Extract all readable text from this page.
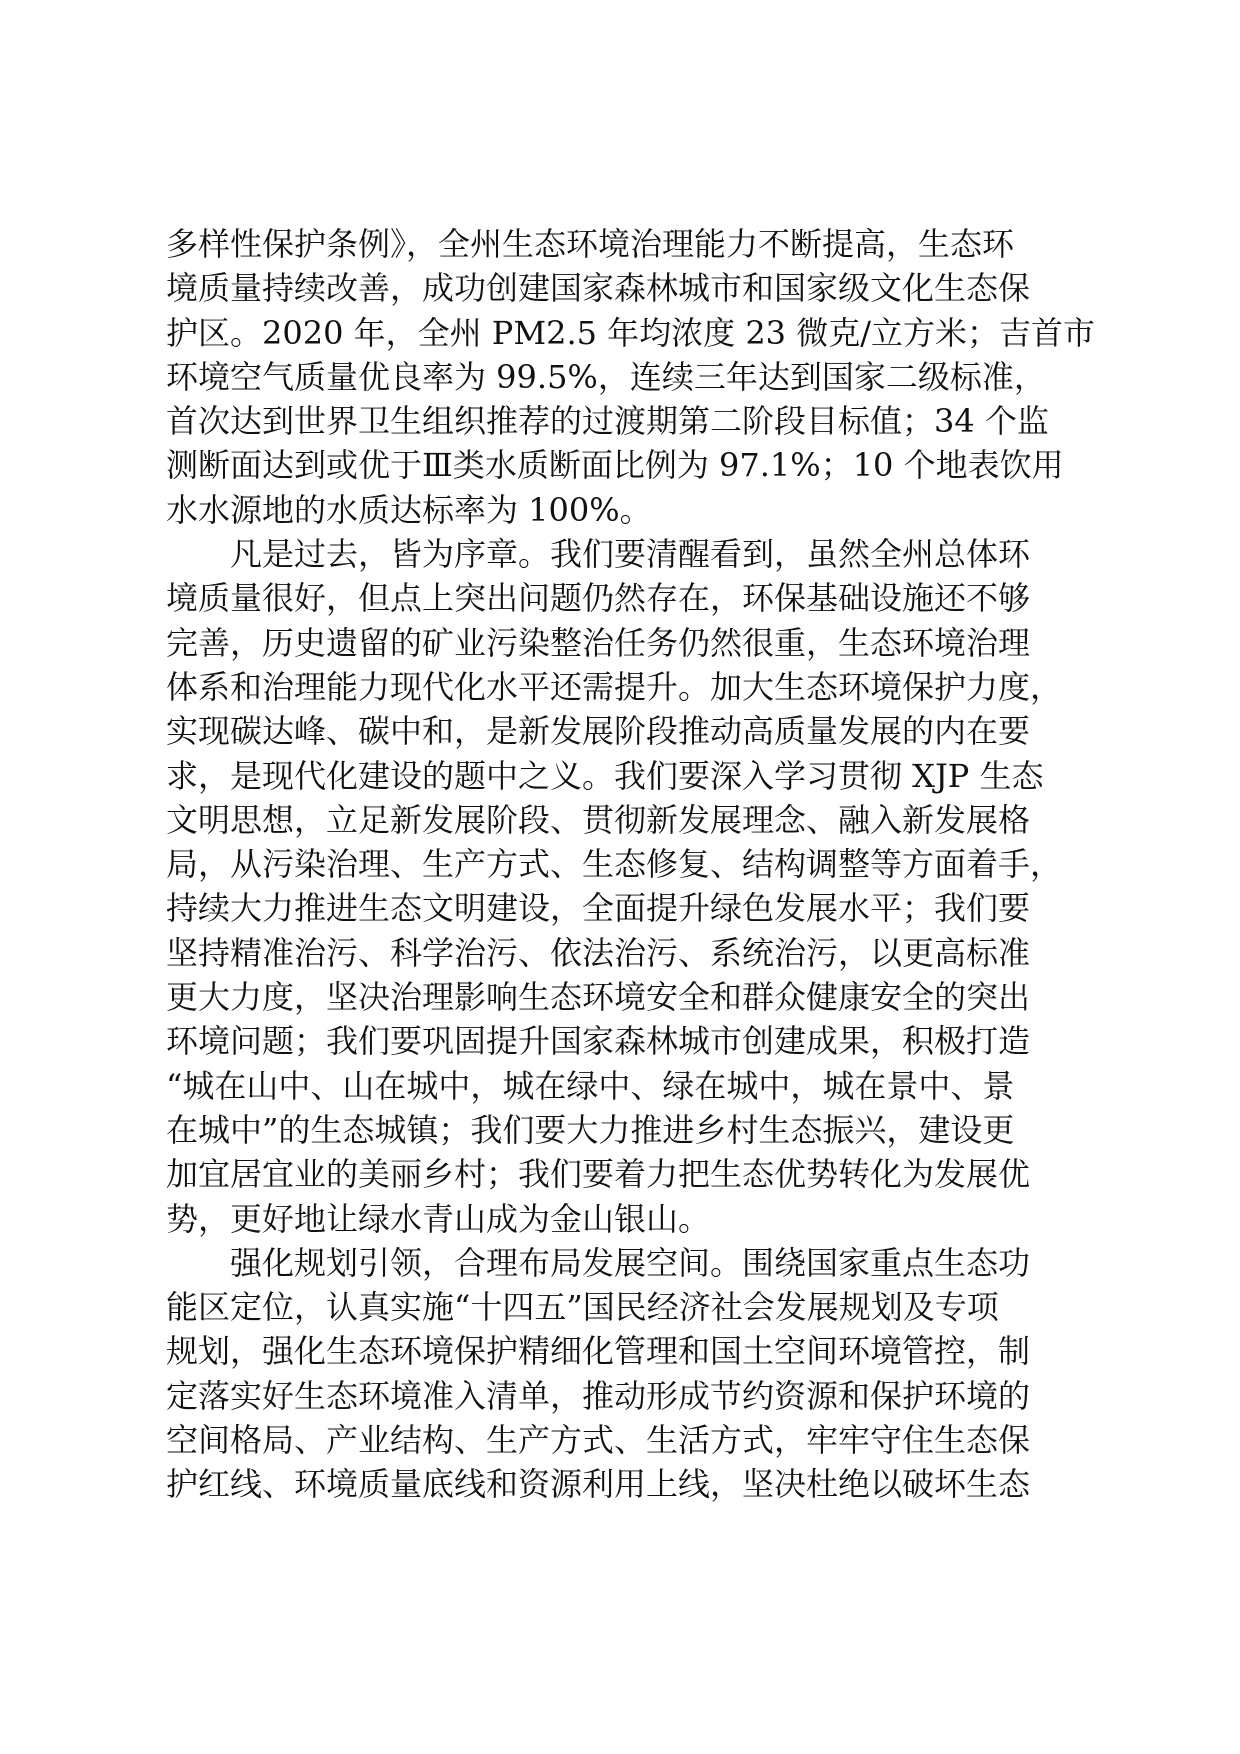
多样性保护条例》，全州生态环境治理能力不断提高，生态环
境质量持续改善，成功创建国家森林城市和国家级文化生态保
护区。2020 年，全州 PM2.5 年均浓度 23 微克/立方米；吉首市
环境空气质量优良率为 99.5%，连续三年达到国家二级标准，
首次达到世界卫生组织推荐的过渡期第二阶段目标值；34 个监
测断面达到或优于Ⅲ类水质断面比例为 97.1%；10 个地表饮用
水水源地的水质达标率为 100%。
凡是过去，皆为序章。我们要清醒看到，虽然全州总体环
境质量很好，但点上突出问题仍然存在，环保基础设施还不够
完善，历史遗留的矿业污染整治任务仍然很重，生态环境治理
体系和治理能力现代化水平还需提升。加大生态环境保护力度，
实现碳达峰、碳中和，是新发展阶段推动高质量发展的内在要
求，是现代化建设的题中之义。我们要深入学习贯彻 XJP 生态
文明思想，立足新发展阶段、贯彻新发展理念、融入新发展格
局，从污染治理、生产方式、生态修复、结构调整等方面着手，
持续大力推进生态文明建设，全面提升绿色发展水平；我们要
坚持精准治污、科学治污、依法治污、系统治污，以更高标准
更大力度，坚决治理影响生态环境安全和群众健康安全的突出
环境问题；我们要巩固提升国家森林城市创建成果，积极打造
“城在山中、山在城中，城在绿中、绿在城中，城在景中、景
在城中”的生态城镇；我们要大力推进乡村生态振兴，建设更
加宜居宜业的美丽乡村；我们要着力把生态优势转化为发展优
势，更好地让绿水青山成为金山银山。
强化规划引领，合理布局发展空间。围绕国家重点生态功
能区定位，认真实施“十四五”国民经济社会发展规划及专项
规划，强化生态环境保护精细化管理和国土空间环境管控，制
定落实好生态环境准入清单，推动形成节约资源和保护环境的
空间格局、产业结构、生产方式、生活方式，牢牢守住生态保
护红线、环境质量底线和资源利用上线，坚决杜绝以破坏生态
